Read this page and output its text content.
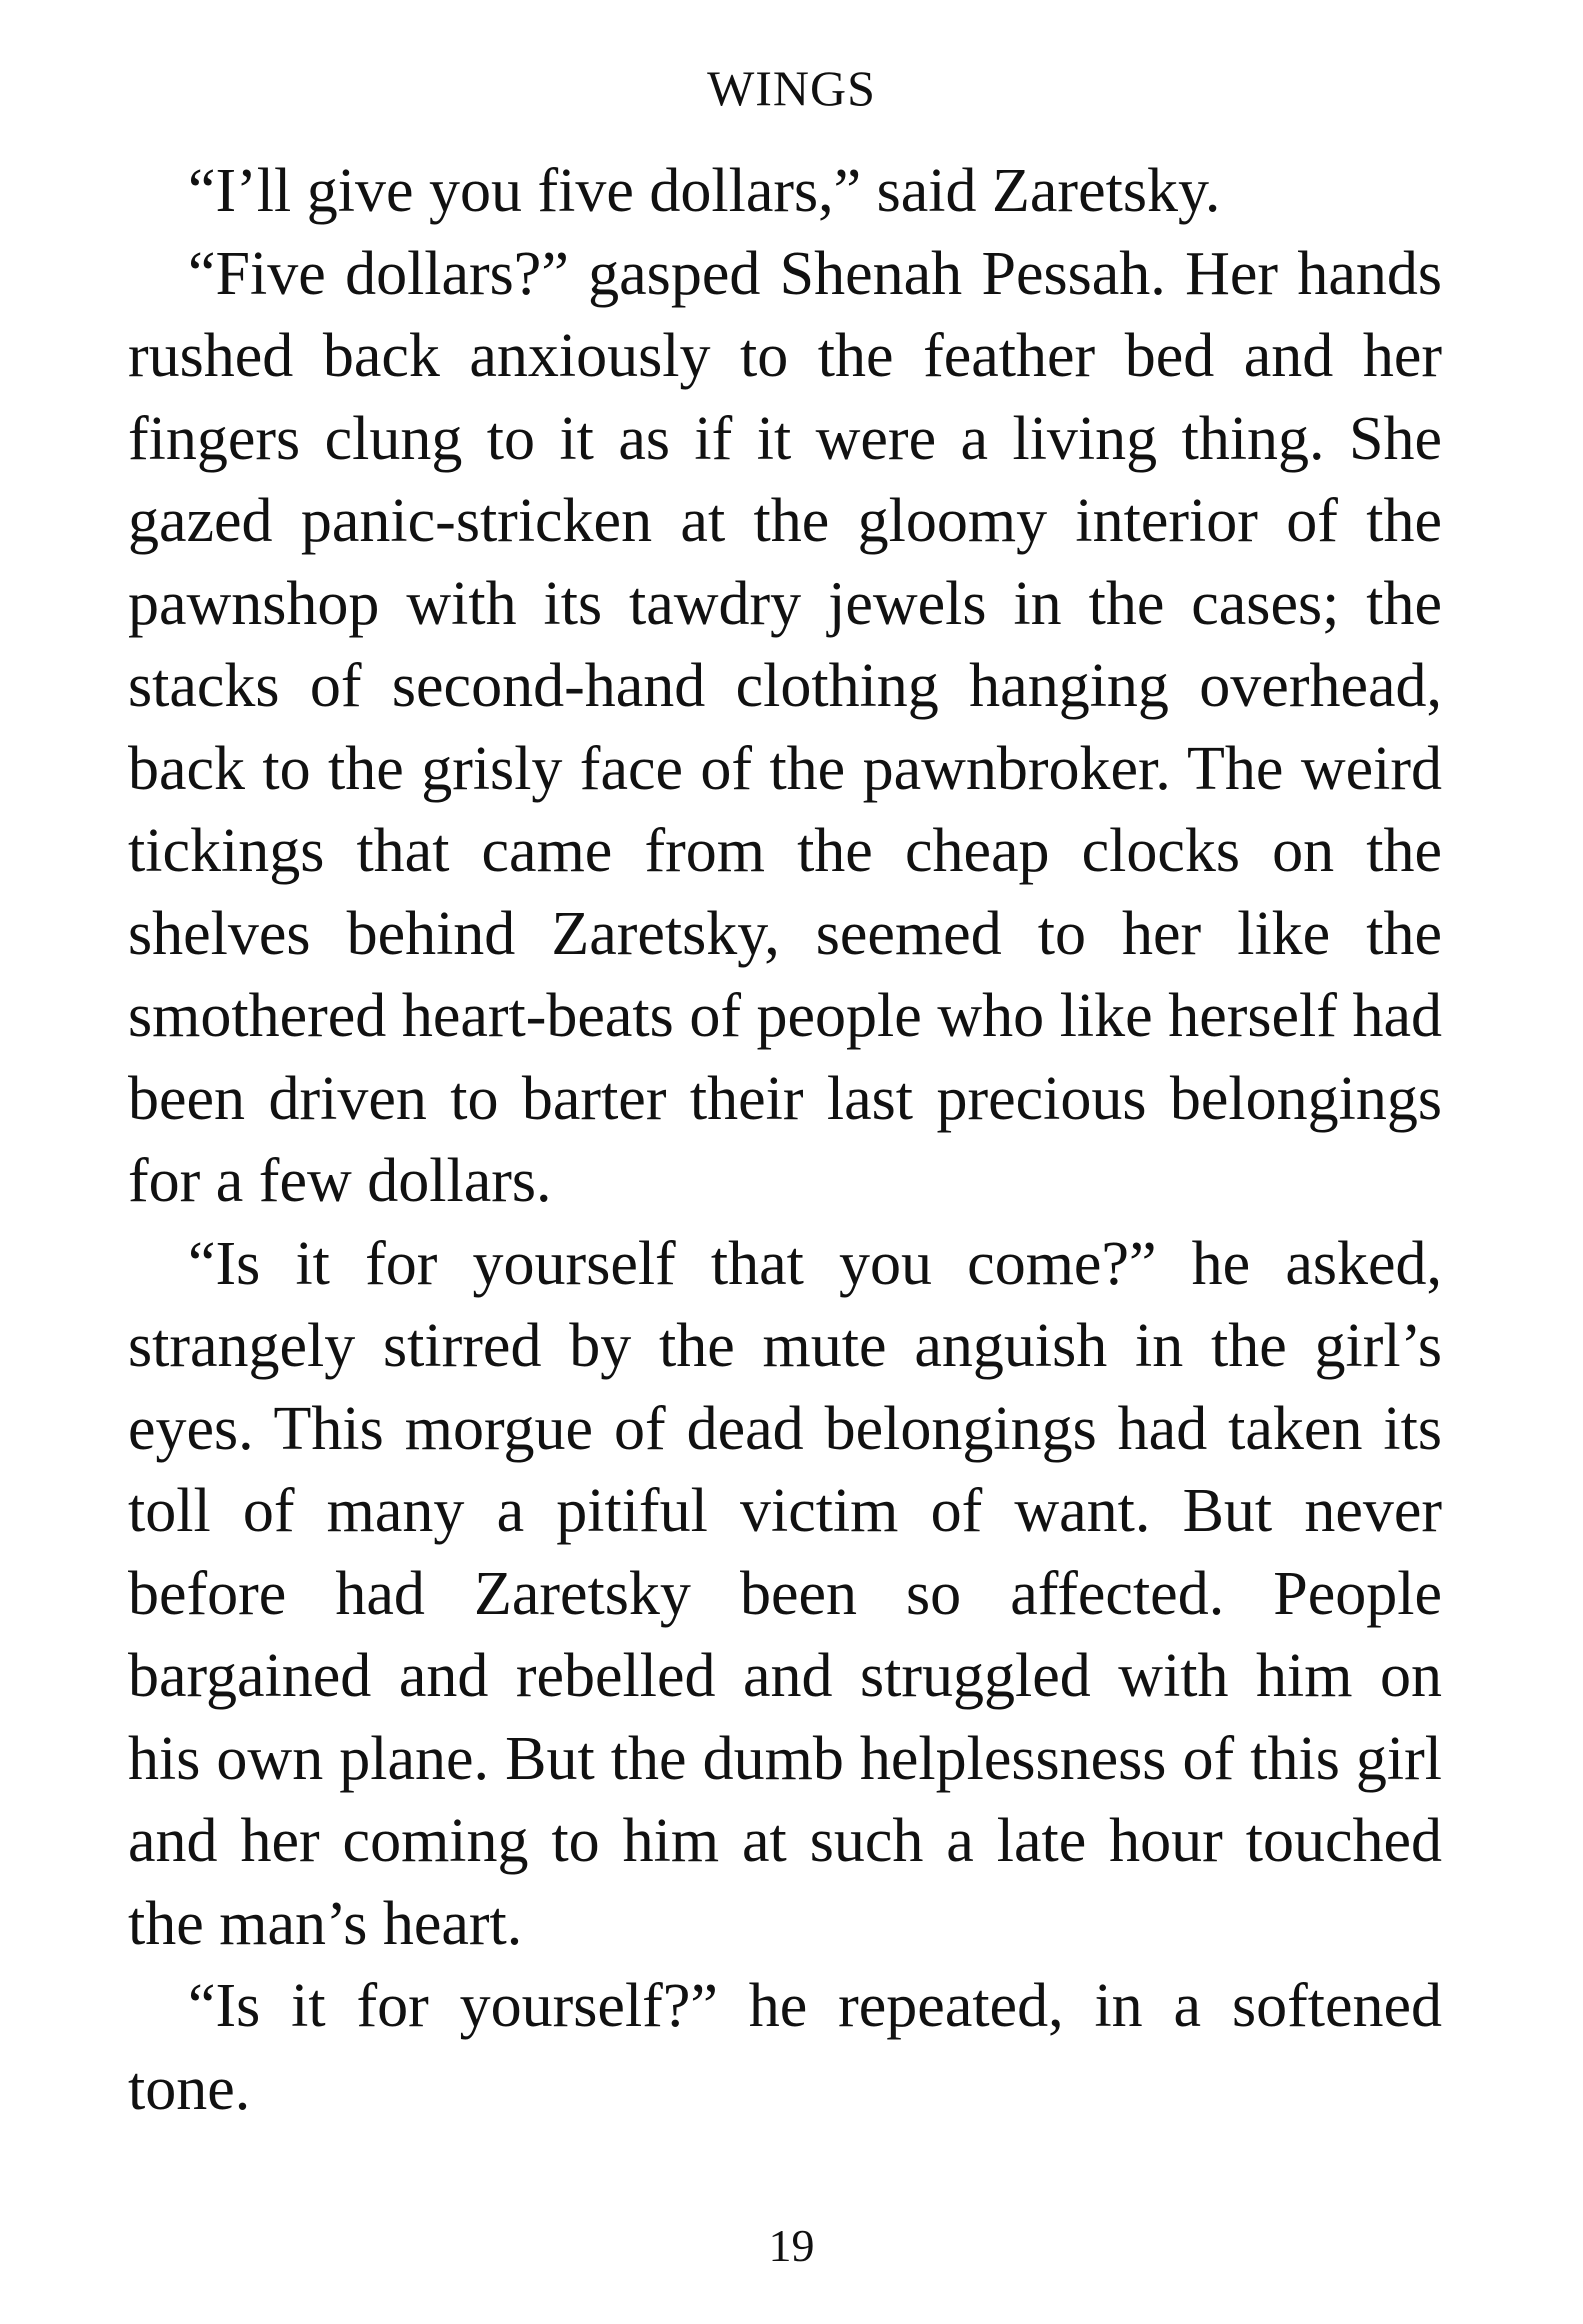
WINGS

“I’ll give you five dollars,” said Zaretsky.

“Five dollars?” gasped Shenah Pessah. Her hands rushed back anxiously to the feather bed and her fingers clung to it as if it were a living thing. She gazed panic-stricken at the gloomy interior of the pawnshop with its tawdry jewels in the cases; the stacks of second-hand clothing hanging overhead, back to the grisly face of the pawnbroker. The weird tickings that came from the cheap clocks on the shelves behind Zaretsky, seemed to her like the smothered heart-beats of people who like herself had been driven to barter their last precious belongings for a few dollars.

“Is it for yourself that you come?” he asked, strangely stirred by the mute anguish in the girl’s eyes. This morgue of dead belongings had taken its toll of many a pitiful victim of want. But never before had Zaretsky been so affected. People bargained and rebelled and struggled with him on his own plane. But the dumb helplessness of this girl and her coming to him at such a late hour touched the man’s heart.

“Is it for yourself?” he repeated, in a softened tone.

19
